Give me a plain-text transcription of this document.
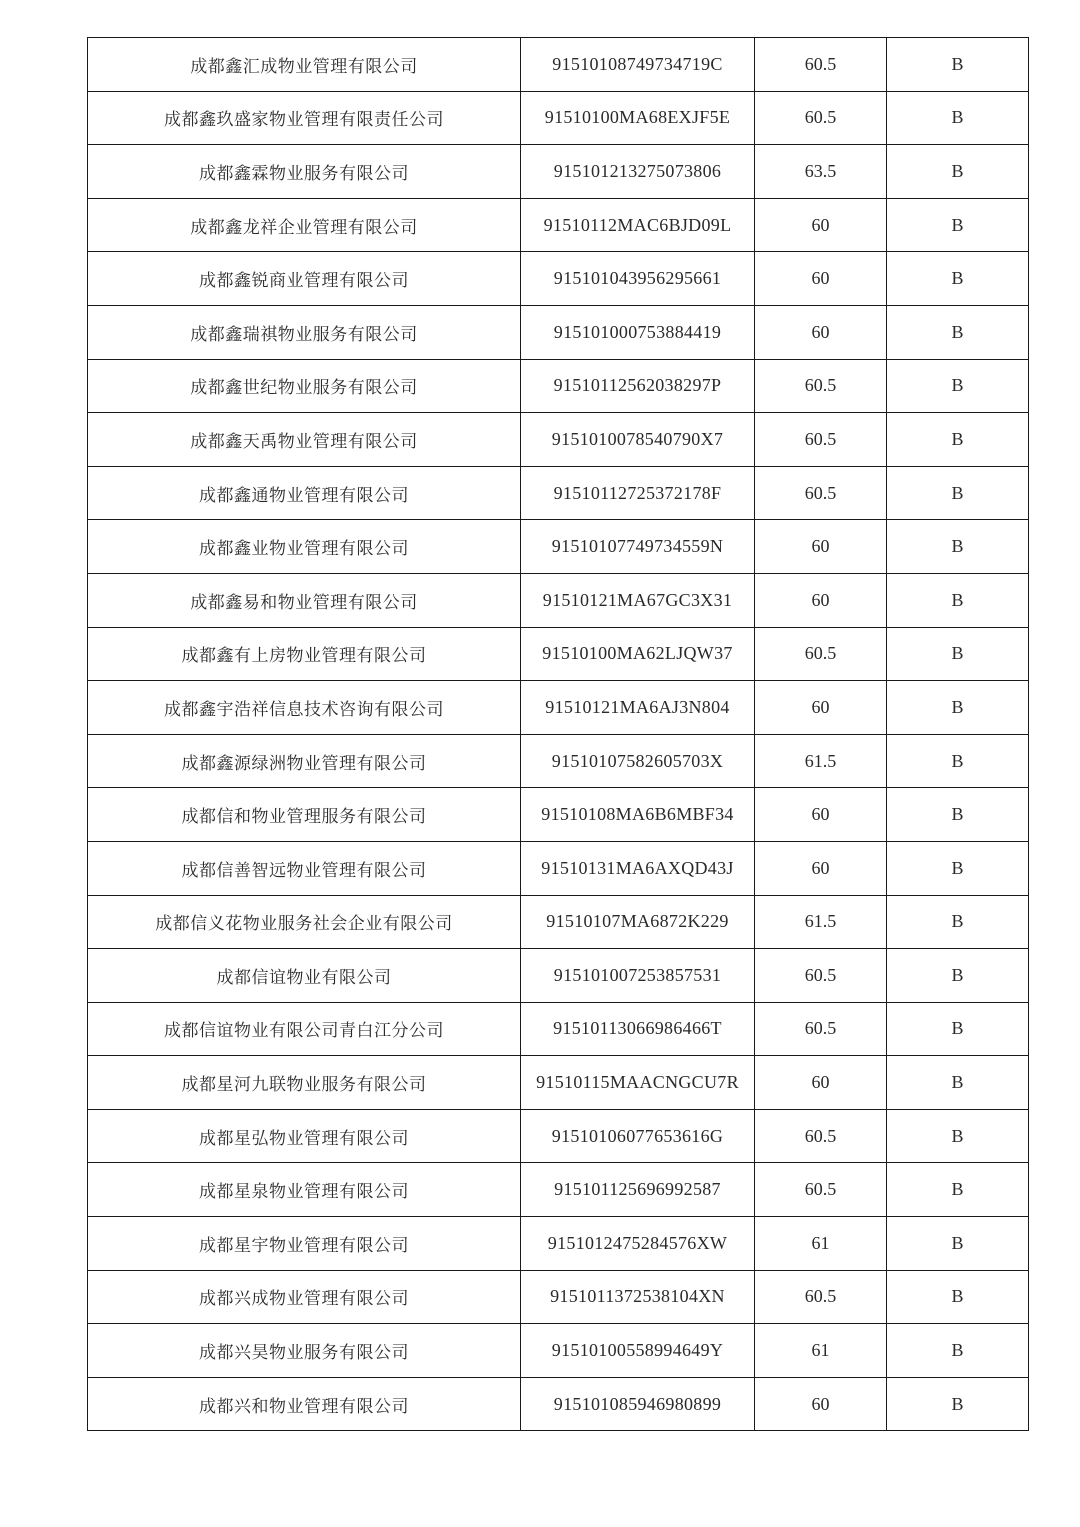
成都鑫汇成物业管理有限公司	91510108749734719C	60.5	B
成都鑫玖盛家物业管理有限责任公司	91510100MA68EXJF5E	60.5	B
成都鑫霖物业服务有限公司	915101213275073806	63.5	B
成都鑫龙祥企业管理有限公司	91510112MAC6BJD09L	60	B
成都鑫锐商业管理有限公司	915101043956295661	60	B
成都鑫瑞祺物业服务有限公司	915101000753884419	60	B
成都鑫世纪物业服务有限公司	91510112562038297P	60.5	B
成都鑫天禹物业管理有限公司	9151010078540790X7	60.5	B
成都鑫通物业管理有限公司	91510112725372178F	60.5	B
成都鑫业物业管理有限公司	91510107749734559N	60	B
成都鑫易和物业管理有限公司	91510121MA67GC3X31	60	B
成都鑫有上房物业管理有限公司	91510100MA62LJQW37	60.5	B
成都鑫宇浩祥信息技术咨询有限公司	91510121MA6AJ3N804	60	B
成都鑫源绿洲物业管理有限公司	91510107582605703X	61.5	B
成都信和物业管理服务有限公司	91510108MA6B6MBF34	60	B
成都信善智远物业管理有限公司	91510131MA6AXQD43J	60	B
成都信义花物业服务社会企业有限公司	91510107MA6872K229	61.5	B
成都信谊物业有限公司	915101007253857531	60.5	B
成都信谊物业有限公司青白江分公司	91510113066986466T	60.5	B
成都星河九联物业服务有限公司	91510115MAACNGCU7R	60	B
成都星弘物业管理有限公司	91510106077653616G	60.5	B
成都星泉物业管理有限公司	915101125696992587	60.5	B
成都星宇物业管理有限公司	9151012475284576XW	61	B
成都兴成物业管理有限公司	9151011372538104XN	60.5	B
成都兴昊物业服务有限公司	91510100558994649Y	61	B
成都兴和物业管理有限公司	915101085946980899	60	B
